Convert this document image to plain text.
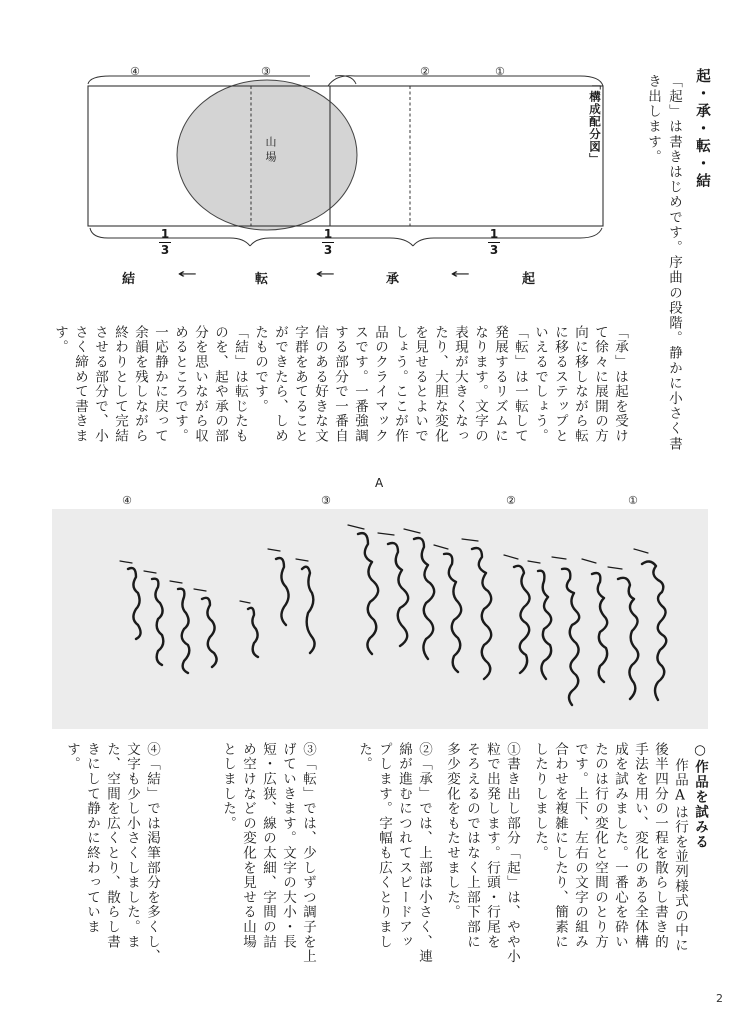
起・承・転・結
「起」は書きはじめです。序曲の段階。静かに小さく書
き出します。
④	③	②	①
山場	「構成配分図」
1
3
1
3
1
3
結	←	転	←	承	←	起
「承」は起を受け
て徐々に展開の方
向に移しながら転
に移るステップと
いえるでしょう。
「転」は一転して
発展するリズムに
なります。文字の
表現が大きくなっ
たり、大胆な変化
を見せるとよいで
しょう。ここが作
品のクライマック
スです。一番強調
する部分で一番自
信のある好きな文
字群をあてること
ができたら、しめ
たものです。
「結」は転じたも
のを、起や承の部
分を思いながら収
めるところです。
一応静かに戻って
余韻を残しながら
終わりとして完結
させる部分で、小
さく締めて書きま
す。
A
④	③	②	①
○作品を試みる
作品Aは行を並列様式の中に
後半四分の一程を散らし書き的
手法を用い、変化のある全体構
成を試みました。一番心を砕い
たのは行の変化と空間のとり方
です。上下、左右の文字の組み
合わせを複雑にしたり、簡素に
したりしました。
①書き出し部分「起」は、やや小
粒で出発します。行頭・行尾を
そろえるのではなく上部下部に
多少変化をもたせました。
②「承」では、上部は小さく、連
綿が進むにつれてスピードアッ
プします。字幅も広くとりまし
た。
③「転」では、少しずつ調子を上
げていきます。文字の大小・長
短・広狭、線の太細、字間の詰
め空けなどの変化を見せる山場
としました。
④「結」では渇筆部分を多くし、
文字も少し小さくしました。ま
た、空間を広くとり、散らし書
きにして静かに終わっていま
す。
2
